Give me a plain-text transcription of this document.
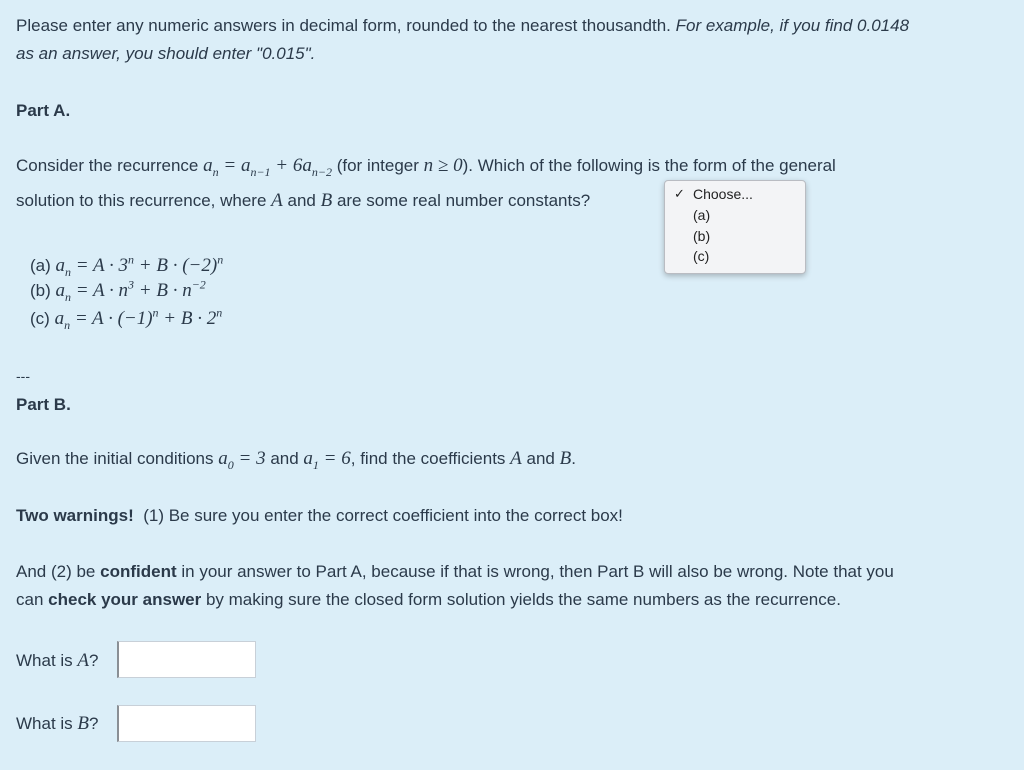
Please enter any numeric answers in decimal form, rounded to the nearest thousandth. For example, if you find 0.0148
as an answer, you should enter "0.015".
Part A.
Consider the recurrence $a_n = a_{n-1} + 6a_{n-2}$ (for integer n ≥ 0). Which of the following is the form of the general
solution to this recurrence, where A and B are some real number constants?	✓ Choose...
(a)
(b)
(c)
(a) $a_n = A \cdot 3^n + B \cdot (-2)^n$
(b) $a_n = A \cdot n^3 + B \cdot n^{-2}$
(c) $a_n = A \cdot (-1)^n + B \cdot 2^n$
---
Part B.
Given the initial conditions $a_0 = 3$ and $a_1 = 6$, find the coefficients A and B.
Two warnings! (1) Be sure you enter the correct coefficient into the correct box!
And (2) be confident in your answer to Part A, because if that is wrong, then Part B will also be wrong. Note that you
can check your answer by making sure the closed form solution yields the same numbers as the recurrence.
What is A?
What is B?
